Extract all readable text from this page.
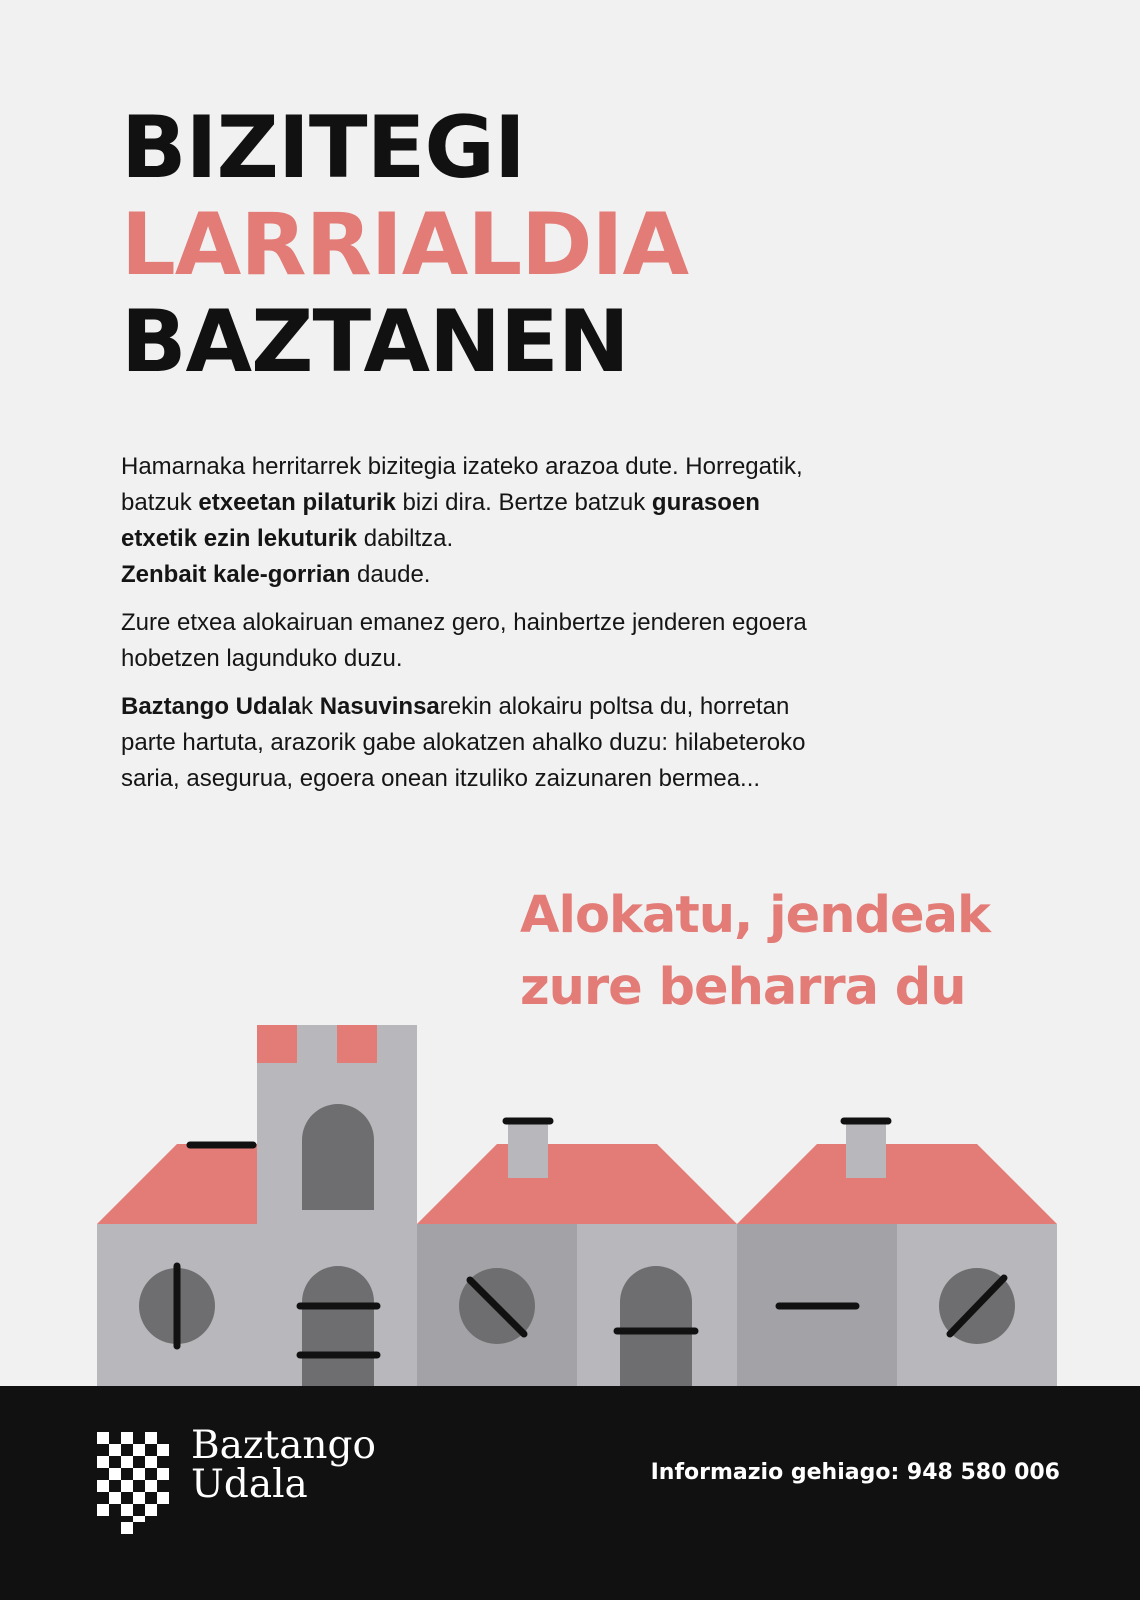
BIZITEGI
LARRIALDIA
BAZTANEN

Hamarnaka herritarrek bizitegia izateko arazoa dute. Horregatik, batzuk etxeetan pilaturik bizi dira. Bertze batzuk gurasoen etxetik ezin lekuturik dabiltza.
Zenbait kale-gorrian daude.

Zure etxea alokairuan emanez gero, hainbertze jenderen egoera hobetzen lagunduko duzu.

Baztango Udalak Nasuvinsarekin alokairu poltsa du, horretan parte hartuta, arazorik gabe alokatzen ahalko duzu: hilabeteroko saria, asegurua, egoera onean itzuliko zaizunaren bermea...

Alokatu, jendeak
zure beharra du
Baztango
Udala	Informazio gehiago: 948 580 006
